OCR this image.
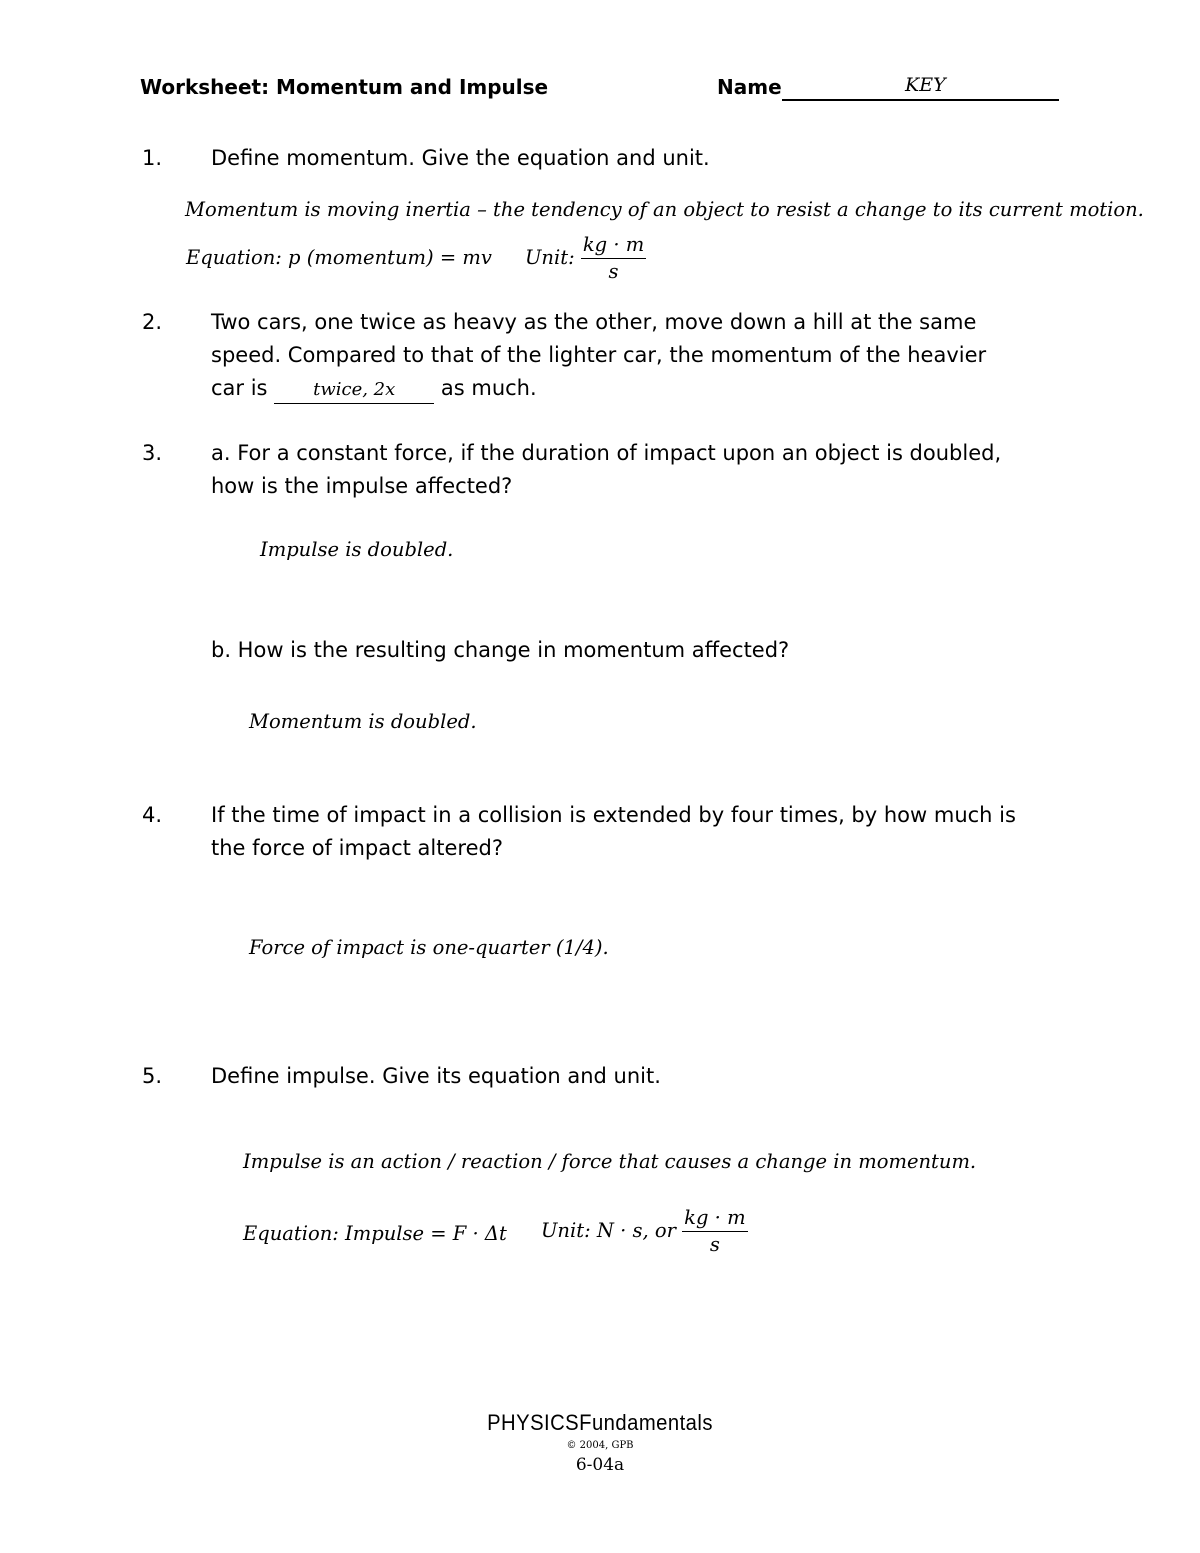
Worksheet: Momentum and Impulse	Name	KEY
1. Define momentum. Give the equation and unit.
Momentum is moving inertia – the tendency of an object to resist a change to its current motion.
Equation: p (momentum) = mv Unit: $\frac{kg \cdot m}{s}$
2. Two cars, one twice as heavy as the other, move down a hill at the same
speed. Compared to that of the lighter car, the momentum of the heavier
car is	twice, 2x as much.
3. a. For a constant force, if the duration of impact upon an object is doubled,
how is the impulse affected?
Impulse is doubled.
b. How is the resulting change in momentum affected?
Momentum is doubled.
4. If the time of impact in a collision is extended by four times, by how much is
the force of impact altered?
Force of impact is one-quarter (1/4).
5. Define impulse. Give its equation and unit.
Impulse is an action / reaction / force that causes a change in momentum.
Equation: Impulse = F · Δt Unit: N · s, or $\frac{kg \cdot m}{s}$
PHYSICSFundamentals
© 2004, GPB
6-04a
